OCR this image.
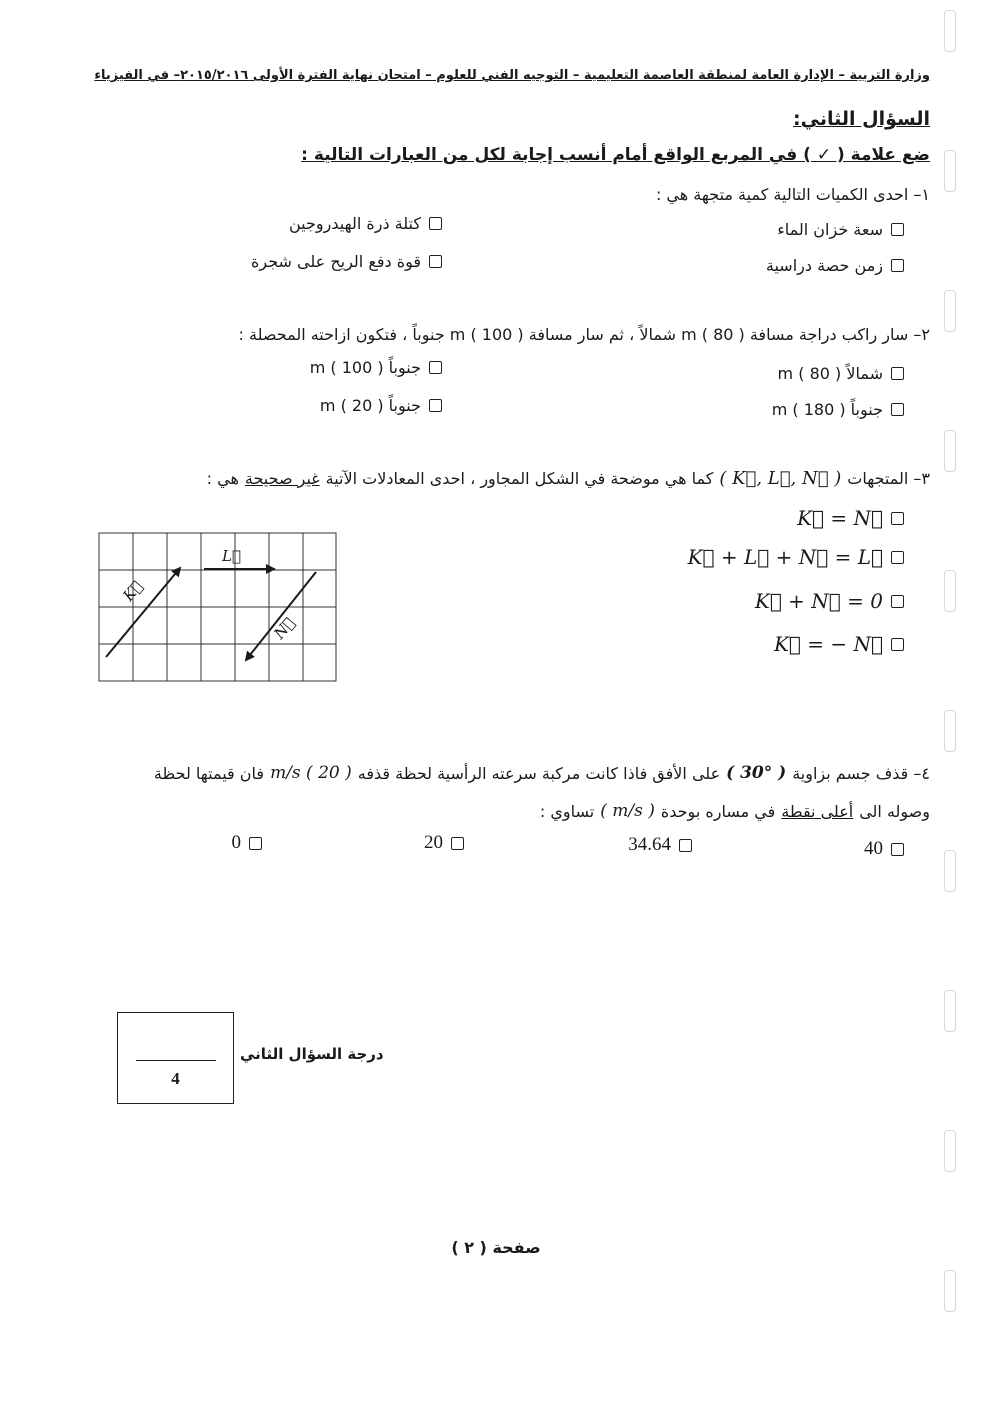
وزارة التربية – الإدارة العامة لمنطقة العاصمة التعليمية – التوجيه الفني للعلوم – امتحان نهاية الفترة الأولى ٢٠١٥/٢٠١٦– في الفيزياء
السؤال الثاني:
ضع علامة ( ✓ ) في المربع الواقع أمام أنسب إجابة لكل من العبارات التالية :
١– احدى الكميات التالية كمية متجهة هي :
سعة خزان الماء
كتلة ذرة الهيدروجين
زمن حصة دراسية
قوة دفع الريح على شجرة
٢– سار راكب دراجة مسافة m ( 80 ) شمالاً ، ثم سار مسافة m ( 100 ) جنوباً ، فتكون ازاحته المحصلة :
شمالاً ( 80 ) m
جنوباً ( 100 ) m
جنوباً ( 180 ) m
جنوباً ( 20 ) m
٣– المتجهات
( K⃗, L⃗, N⃗ )
كما هي موضحة في الشكل المجاور ، احدى المعادلات الآتية
غير صحيحة
هي :
K⃗ = N⃗
K⃗ + L⃗ + N⃗ = L⃗
K⃗ + N⃗ = 0
K⃗ = − N⃗
K⃗
L⃗
N⃗
٤– قذف جسم بزاوية
( 30° )
على الأفق فاذا كانت مركبة سرعته الرأسية لحظة قذفه
m/s ( 20 )
فان قيمتها لحظة
وصوله الى
أعلى نقطة
في مساره بوحدة
( m/s )
تساوي :
40
34.64
20
0
4
درجة السؤال الثاني
صفحة ( ٢ )
